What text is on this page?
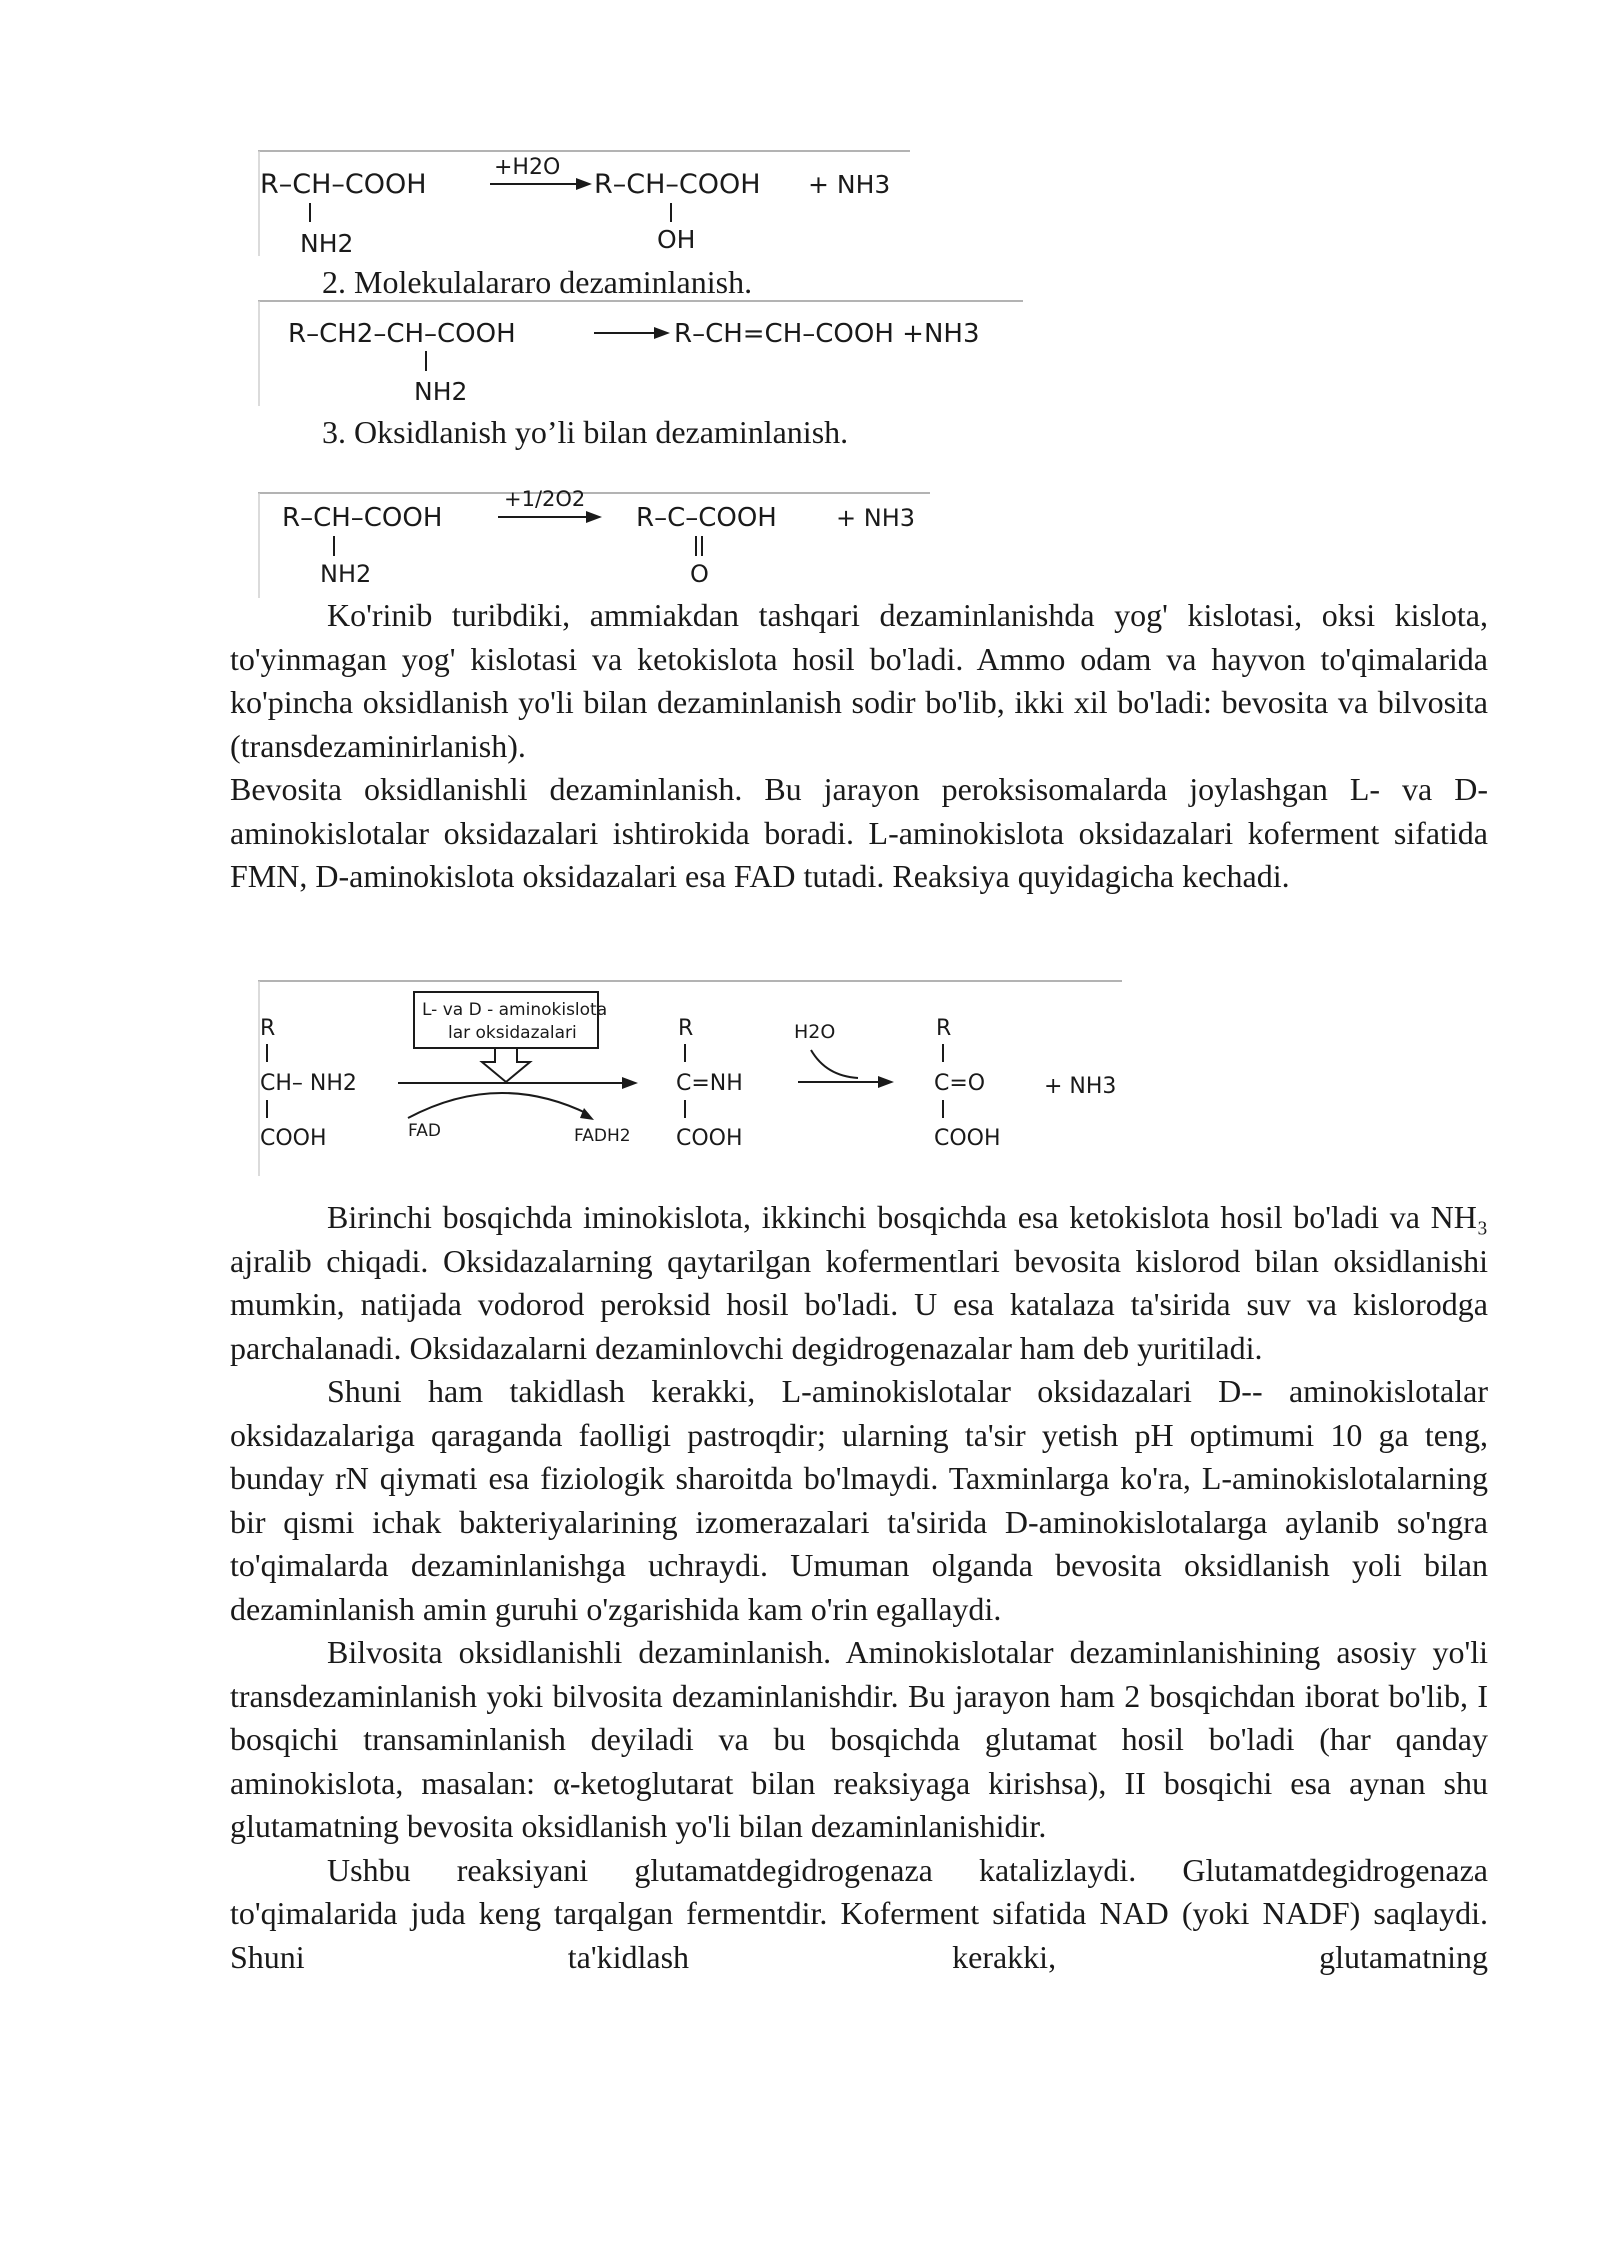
R–CH–COOH
NH2
+H2O
R–CH–COOH
OH
+ NH3
2. Molekulalararo dezaminlanish.
R–CH2–CH–COOH
NH2
R–CH=CH–COOH +NH3
3. Oksidlanish yo’li bilan dezaminlanish.
R–CH–COOH
NH2
+1/2O2
R–C–COOH
O
+ NH3

Ko'rinib turibdiki, ammiakdan tashqari dezaminlanishda yog' kislotasi, oksi kislota, to'yinmagan yog' kislotasi va ketokislota hosil bo'ladi. Ammo odam va hayvon to'qimalarida ko'pincha oksidlanish yo'li bilan dezaminlanish sodir bo'lib, ikki xil bo'ladi: bevosita va bilvosita (transdezaminirlanish).

Bevosita oksidlanishli dezaminlanish. Bu jarayon peroksisomalarda joylashgan L- va D-aminokislotalar oksidazalari ishtirokida boradi. L-aminokislota oksidazalari koferment sifatida FMN, D-aminokislota oksidazalari esa FAD tutadi. Reaksiya quyidagicha kechadi.

L- va D - aminokislota
lar oksidazalari
R
CH– NH2
COOH	FAD	FADH2
R
C=NH
COOH
H2O	R
C=O
COOH
+ NH3

Birinchi bosqichda iminokislota, ikkinchi bosqichda esa ketokislota hosil bo'ladi va NH₃ ajralib chiqadi. Oksidazalarning qaytarilgan kofermentlari bevosita kislorod bilan oksidlanishi mumkin, natijada vodorod peroksid hosil bo'ladi. U esa katalaza ta'sirida suv va kislorodga parchalanadi. Oksidazalarni dezaminlovchi degidrogenazalar ham deb yuritiladi.

Shuni ham takidlash kerakki, L-aminokislotalar oksidazalari D-- aminokislotalar oksidazalariga qaraganda faolligi pastroqdir; ularning ta'sir yetish pH optimumi 10 ga teng, bunday rN qiymati esa fiziologik sharoitda bo'lmaydi. Taxminlarga ko'ra, L-aminokislotalarning bir qismi ichak bakteriyalarining izomerazalari ta'sirida D-aminokislotalarga aylanib so'ngra to'qimalarda dezaminlanishga uchraydi. Umuman olganda bevosita oksidlanish yoli bilan dezaminlanish amin guruhi o'zgarishida kam o'rin egallaydi.

Bilvosita oksidlanishli dezaminlanish. Aminokislotalar dezaminlanishining asosiy yo'li transdezaminlanish yoki bilvosita dezaminlanishdir. Bu jarayon ham 2 bosqichdan iborat bo'lib, I bosqichi transaminlanish deyiladi va bu bosqichda glutamat hosil bo'ladi (har qanday aminokislota, masalan: α-ketoglutarat bilan reaksiyaga kirishsa), II bosqichi esa aynan shu glutamatning bevosita oksidlanish yo'li bilan dezaminlanishidir.

Ushbu reaksiyani glutamatdegidrogenaza katalizlaydi. Glutamatdegidrogenaza to'qimalarida juda keng tarqalgan fermentdir. Koferment sifatida NAD (yoki NADF) saqlaydi. Shuni ta'kidlash kerakki, glutamatning
